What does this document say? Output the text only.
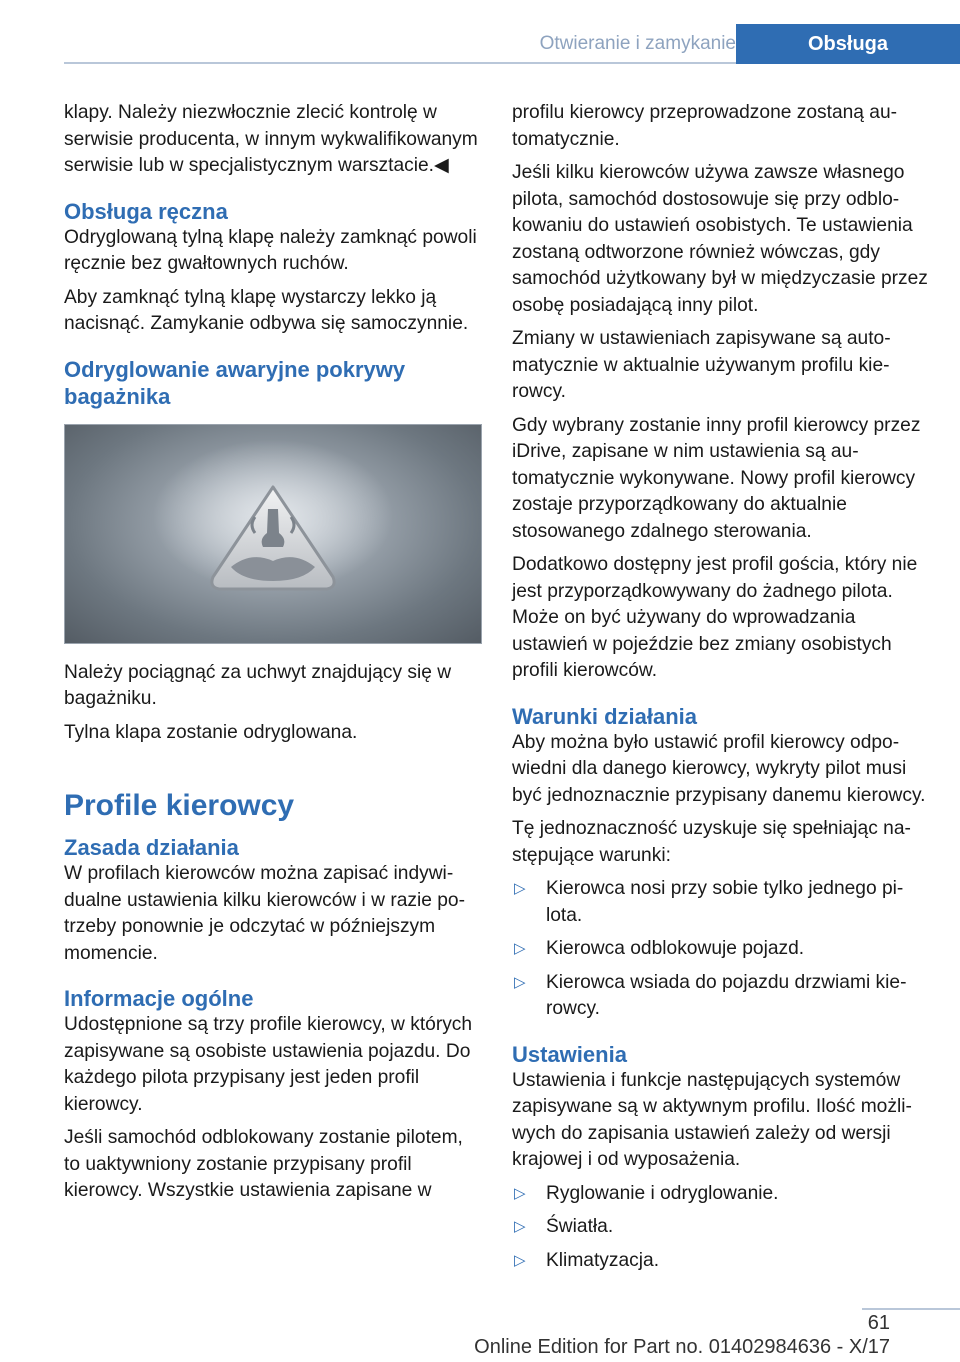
Otwieranie i zamykanie	Obsługa

klapy. Należy niezwłocznie zlecić kontrolę w serwisie producenta, w innym wykwalifikowanym serwisie lub w specjalistycznym warsztacie.◀

Obsługa ręczna

Odryglowaną tylną klapę należy zamknąć powoli ręcznie bez gwałtownych ruchów.

Aby zamknąć tylną klapę wystarczy lekko ją nacisnąć. Zamykanie odbywa się samoczynnie.

Odryglowanie awaryjne pokrywy bagażnika

Należy pociągnąć za uchwyt znajdujący się w bagażniku.

Tylna klapa zostanie odryglowana.

Profile kierowcy
Zasada działania

W profilach kierowców można zapisać indywidualne ustawienia kilku kierowców i w razie potrzeby ponownie je odczytać w późniejszym momencie.

Informacje ogólne

Udostępnione są trzy profile kierowcy, w których zapisywane są osobiste ustawienia pojazdu. Do każdego pilota przypisany jest jeden profil kierowcy.

Jeśli samochód odblokowany zostanie pilotem, to uaktywniony zostanie przypisany profil kierowcy. Wszystkie ustawienia zapisane w

profilu kierowcy przeprowadzone zostaną automatycznie.

Jeśli kilku kierowców używa zawsze własnego pilota, samochód dostosowuje się przy odblokowaniu do ustawień osobistych. Te ustawienia zostaną odtworzone również wówczas, gdy samochód użytkowany był w międzyczasie przez osobę posiadającą inny pilot.

Zmiany w ustawieniach zapisywane są automatycznie w aktualnie używanym profilu kierowcy.

Gdy wybrany zostanie inny profil kierowcy przez iDrive, zapisane w nim ustawienia są automatycznie wykonywane. Nowy profil kierowcy zostaje przyporządkowany do aktualnie stosowanego zdalnego sterowania.

Dodatkowo dostępny jest profil gościa, który nie jest przyporządkowywany do żadnego pilota. Może on być używany do wprowadzania ustawień w pojeździe bez zmiany osobistych profili kierowców.

Warunki działania

Aby można było ustawić profil kierowcy odpowiedni dla danego kierowcy, wykryty pilot musi być jednoznacznie przypisany danemu kierowcy.

Tę jednoznaczność uzyskuje się spełniając następujące warunki:

▷ Kierowca nosi przy sobie tylko jednego pilota.
▷ Kierowca odblokowuje pojazd.
▷ Kierowca wsiada do pojazdu drzwiami kierowcy.
Ustawienia

Ustawienia i funkcje następujących systemów zapisywane są w aktywnym profilu. Ilość możliwych do zapisania ustawień zależy od wersji krajowej i od wyposażenia.

▷ Ryglowanie i odryglowanie.
▷ Światła.
▷ Klimatyzacja.
61
Online Edition for Part no. 01402984636 - X/17
